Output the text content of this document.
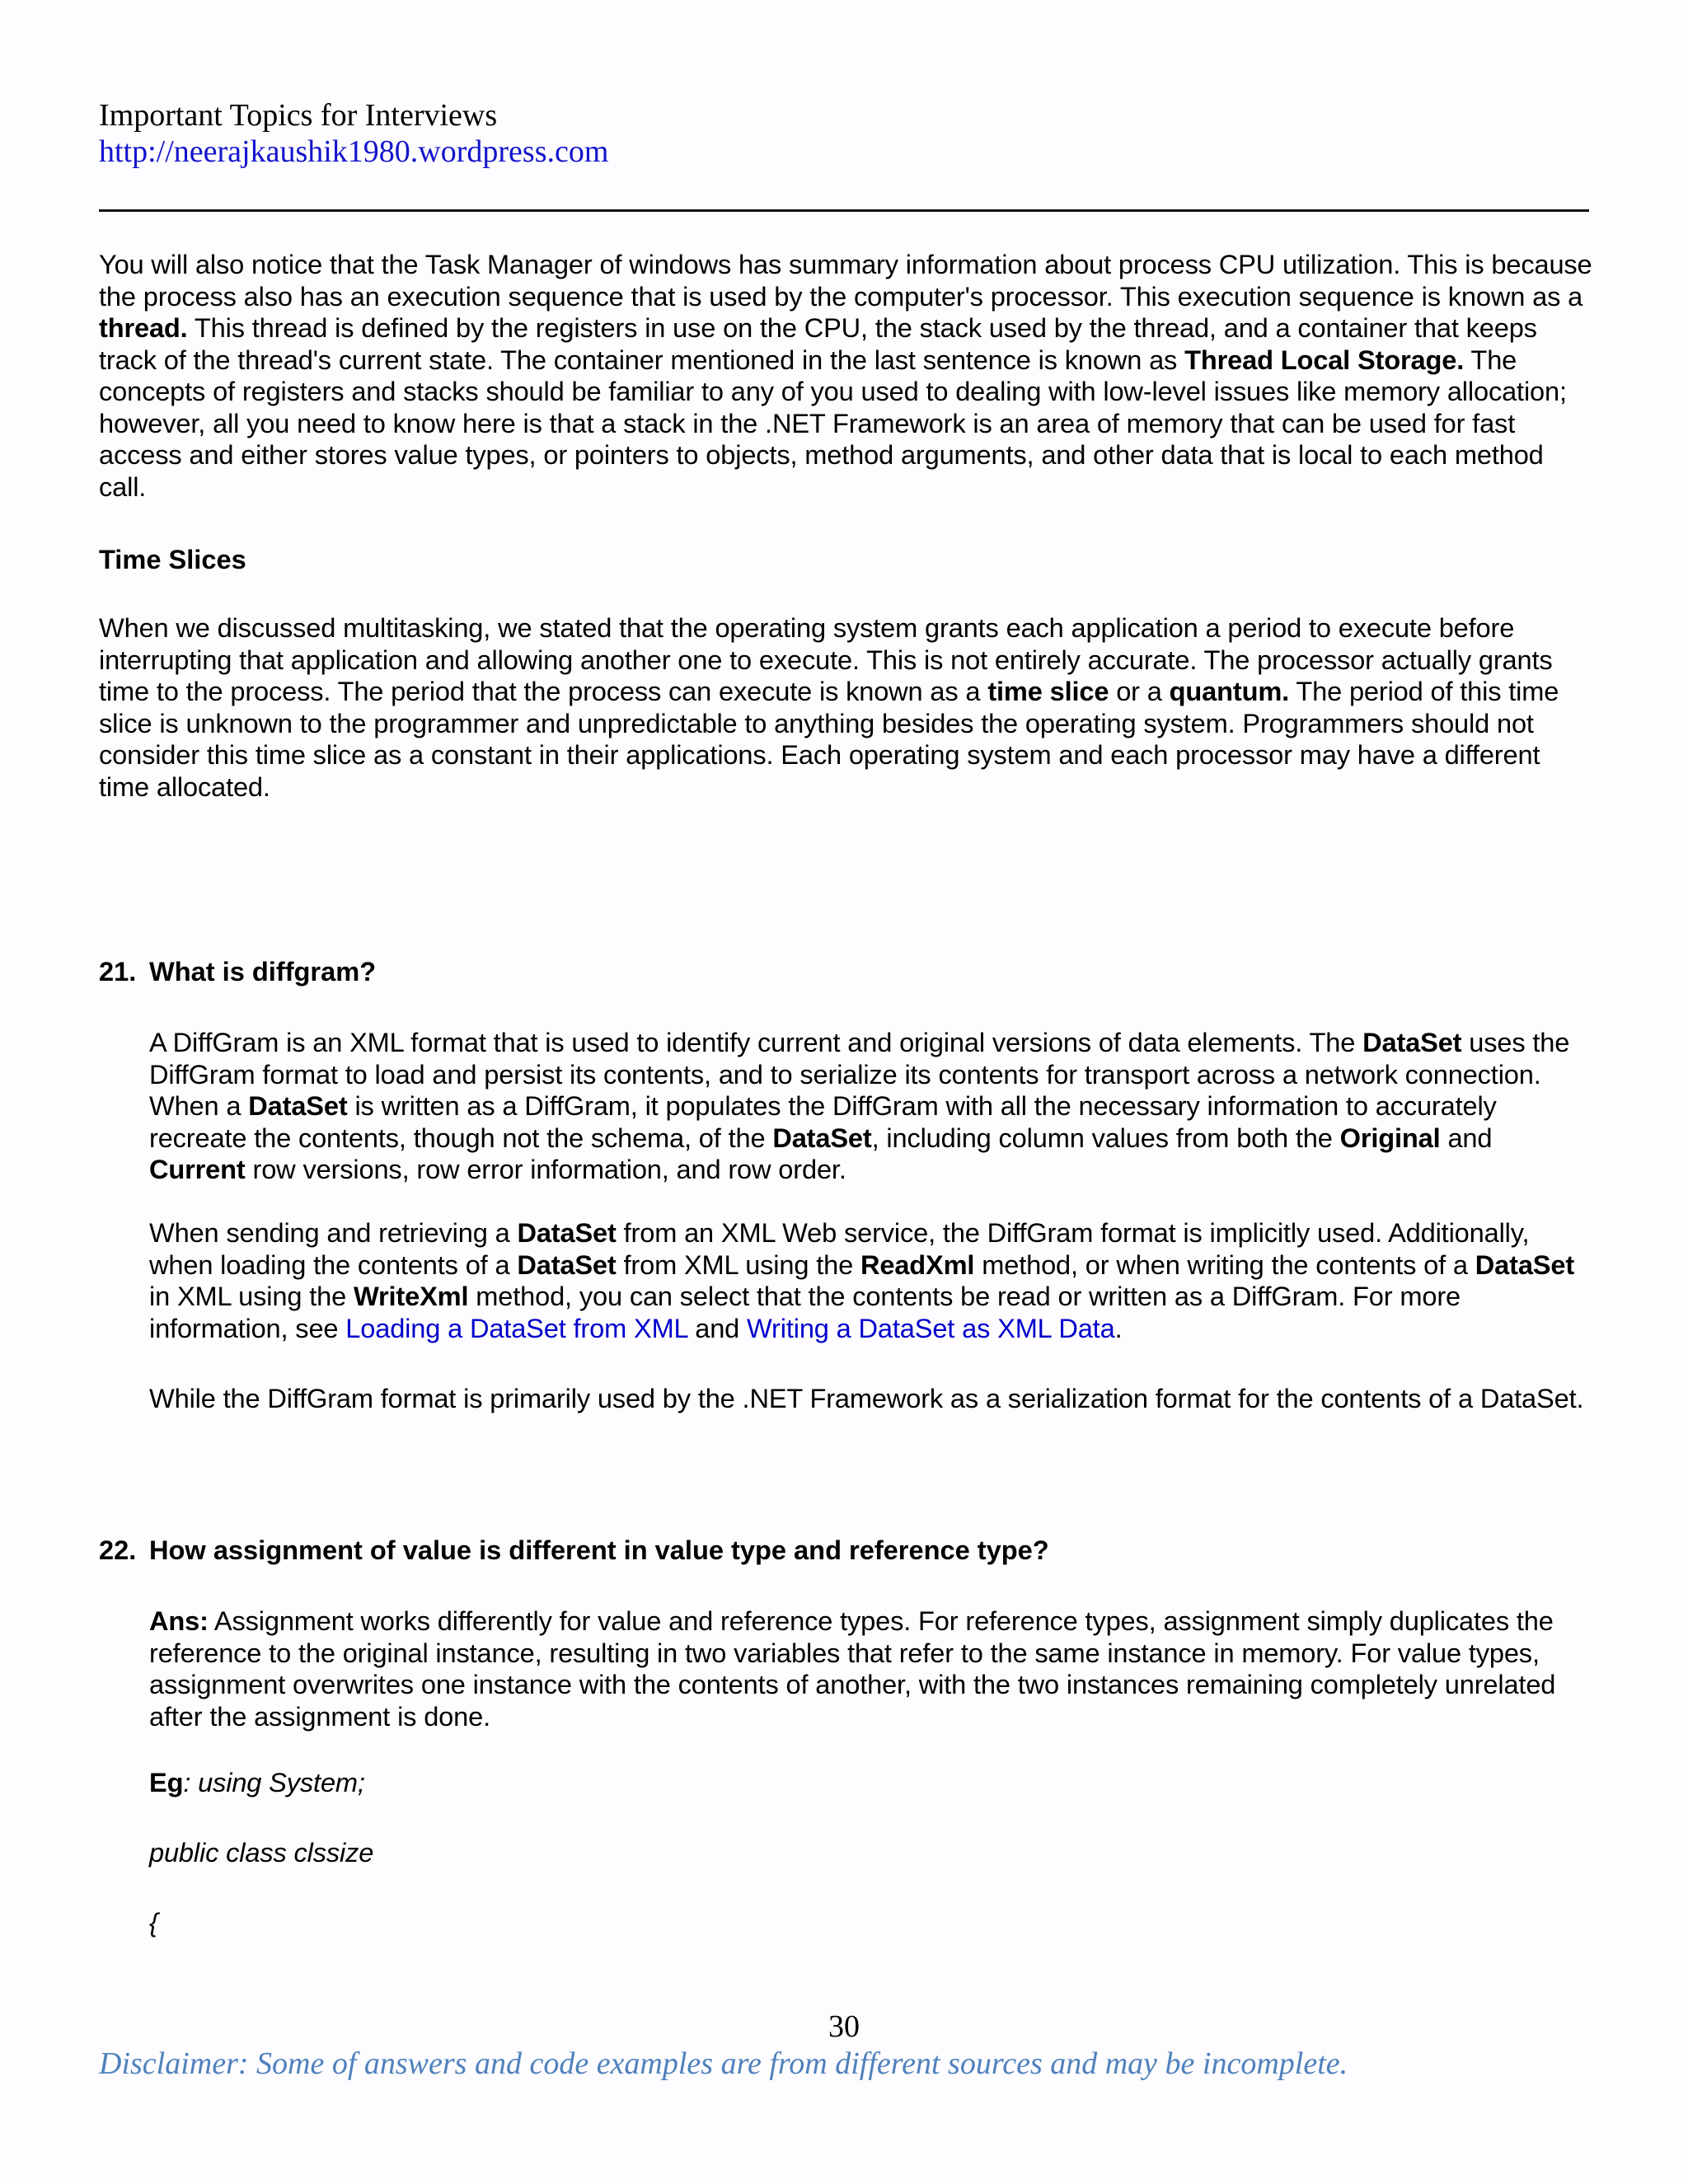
Important Topics for Interviews
http://neerajkaushik1980.wordpress.com

You will also notice that the Task Manager of windows has summary information about process CPU utilization. This is because the process also has an execution sequence that is used by the computer's processor. This execution sequence is known as a thread. This thread is defined by the registers in use on the CPU, the stack used by the thread, and a container that keeps track of the thread's current state. The container mentioned in the last sentence is known as Thread Local Storage. The concepts of registers and stacks should be familiar to any of you used to dealing with low-level issues like memory allocation; however, all you need to know here is that a stack in the .NET Framework is an area of memory that can be used for fast access and either stores value types, or pointers to objects, method arguments, and other data that is local to each method call.

Time Slices

When we discussed multitasking, we stated that the operating system grants each application a period to execute before interrupting that application and allowing another one to execute. This is not entirely accurate. The processor actually grants time to the process. The period that the process can execute is known as a time slice or a quantum. The period of this time slice is unknown to the programmer and unpredictable to anything besides the operating system. Programmers should not consider this time slice as a constant in their applications. Each operating system and each processor may have a different time allocated.

21. What is diffgram?

A DiffGram is an XML format that is used to identify current and original versions of data elements. The DataSet uses the DiffGram format to load and persist its contents, and to serialize its contents for transport across a network connection. When a DataSet is written as a DiffGram, it populates the DiffGram with all the necessary information to accurately recreate the contents, though not the schema, of the DataSet, including column values from both the Original and Current row versions, row error information, and row order.

When sending and retrieving a DataSet from an XML Web service, the DiffGram format is implicitly used. Additionally, when loading the contents of a DataSet from XML using the ReadXml method, or when writing the contents of a DataSet in XML using the WriteXml method, you can select that the contents be read or written as a DiffGram. For more information, see Loading a DataSet from XML and Writing a DataSet as XML Data.

While the DiffGram format is primarily used by the .NET Framework as a serialization format for the contents of a DataSet.

22. How assignment of value is different in value type and reference type?

Ans: Assignment works differently for value and reference types. For reference types, assignment simply duplicates the reference to the original instance, resulting in two variables that refer to the same instance in memory. For value types, assignment overwrites one instance with the contents of another, with the two instances remaining completely unrelated after the assignment is done.

Eg: using System;

public class clssize

{

30
Disclaimer: Some of answers and code examples are from different sources and may be incomplete.
